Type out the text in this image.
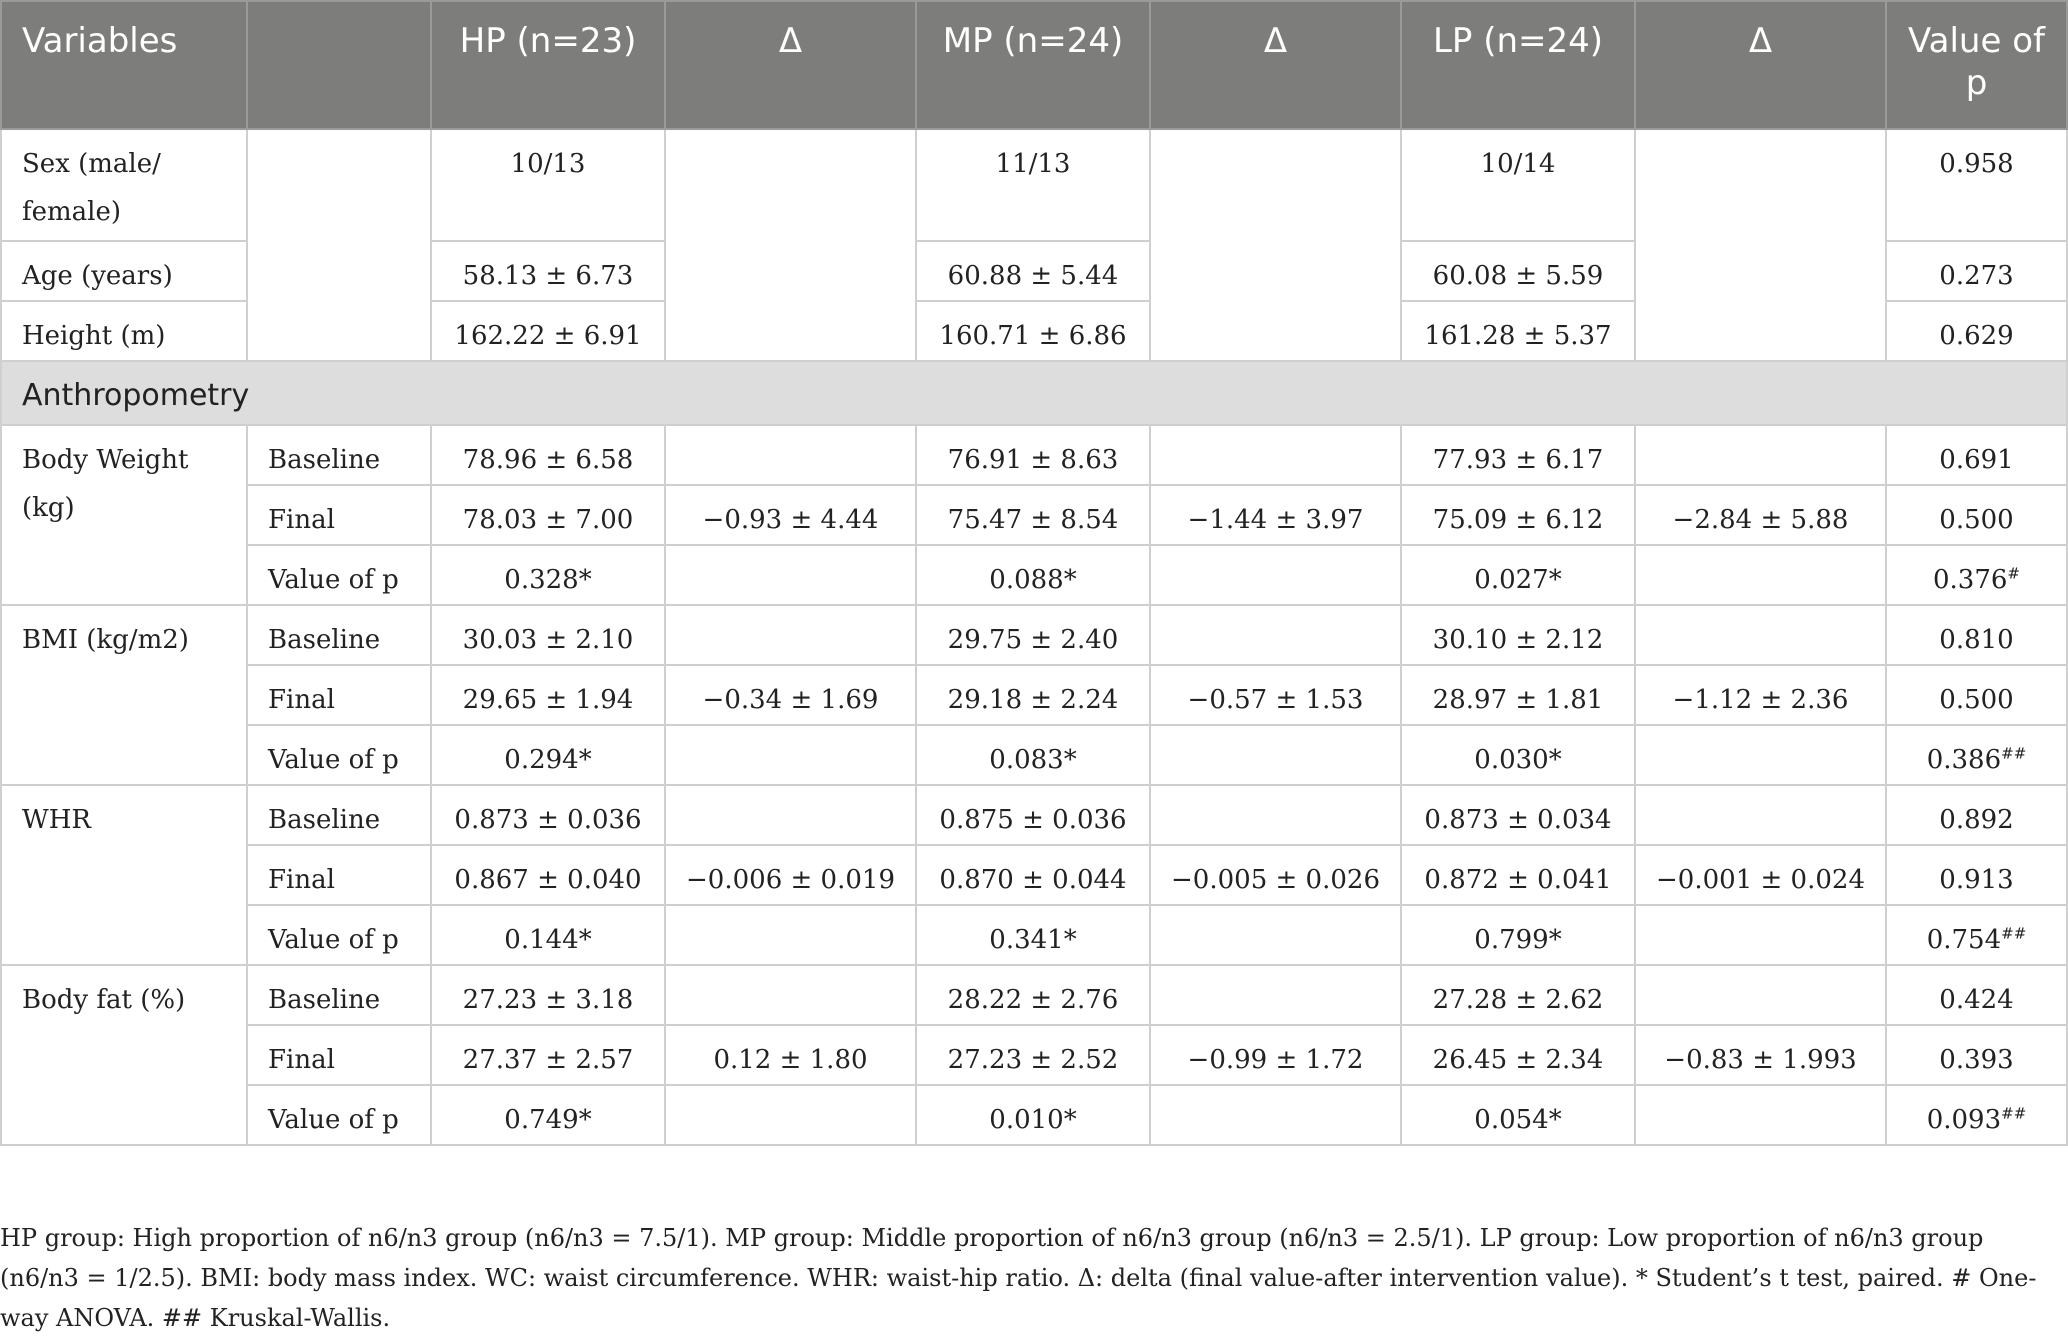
Variables		HP (n=23)	Δ	MP (n=24)	Δ	LP (n=24)	Δ	Value of p
Sex (male/ female)		10/13		11/13		10/14		0.958
Age (years)		58.13 ± 6.73		60.88 ± 5.44		60.08 ± 5.59		0.273
Height (m)		162.22 ± 6.91		160.71 ± 6.86		161.28 ± 5.37		0.629
Anthropometry								
Body Weight (kg)	Baseline	78.96 ± 6.58		76.91 ± 8.63		77.93 ± 6.17		0.691
	Final	78.03 ± 7.00	−0.93 ± 4.44	75.47 ± 8.54	−1.44 ± 3.97	75.09 ± 6.12	−2.84 ± 5.88	0.500
	Value of p	0.328*		0.088*		0.027*		0.376#
BMI (kg/m2)	Baseline	30.03 ± 2.10		29.75 ± 2.40		30.10 ± 2.12		0.810
	Final	29.65 ± 1.94	−0.34 ± 1.69	29.18 ± 2.24	−0.57 ± 1.53	28.97 ± 1.81	−1.12 ± 2.36	0.500
	Value of p	0.294*		0.083*		0.030*		0.386##
WHR	Baseline	0.873 ± 0.036		0.875 ± 0.036		0.873 ± 0.034		0.892
	Final	0.867 ± 0.040	−0.006 ± 0.019	0.870 ± 0.044	−0.005 ± 0.026	0.872 ± 0.041	−0.001 ± 0.024	0.913
	Value of p	0.144*		0.341*		0.799*		0.754##
Body fat (%)	Baseline	27.23 ± 3.18		28.22 ± 2.76		27.28 ± 2.62		0.424
	Final	27.37 ± 2.57	0.12 ± 1.80	27.23 ± 2.52	−0.99 ± 1.72	26.45 ± 2.34	−0.83 ± 1.993	0.393
	Value of p	0.749*		0.010*		0.054*		0.093##
HP group: High proportion of n6/n3 group (n6/n3 = 7.5/1). MP group: Middle proportion of n6/n3 group (n6/n3 = 2.5/1). LP group: Low proportion of n6/n3 group (n6/n3 = 1/2.5). BMI: body mass index. WC: waist circumference. WHR: waist-hip ratio. Δ: delta (final value-after intervention value). * Student’s t test, paired. # One-way ANOVA. ## Kruskal-Wallis.
